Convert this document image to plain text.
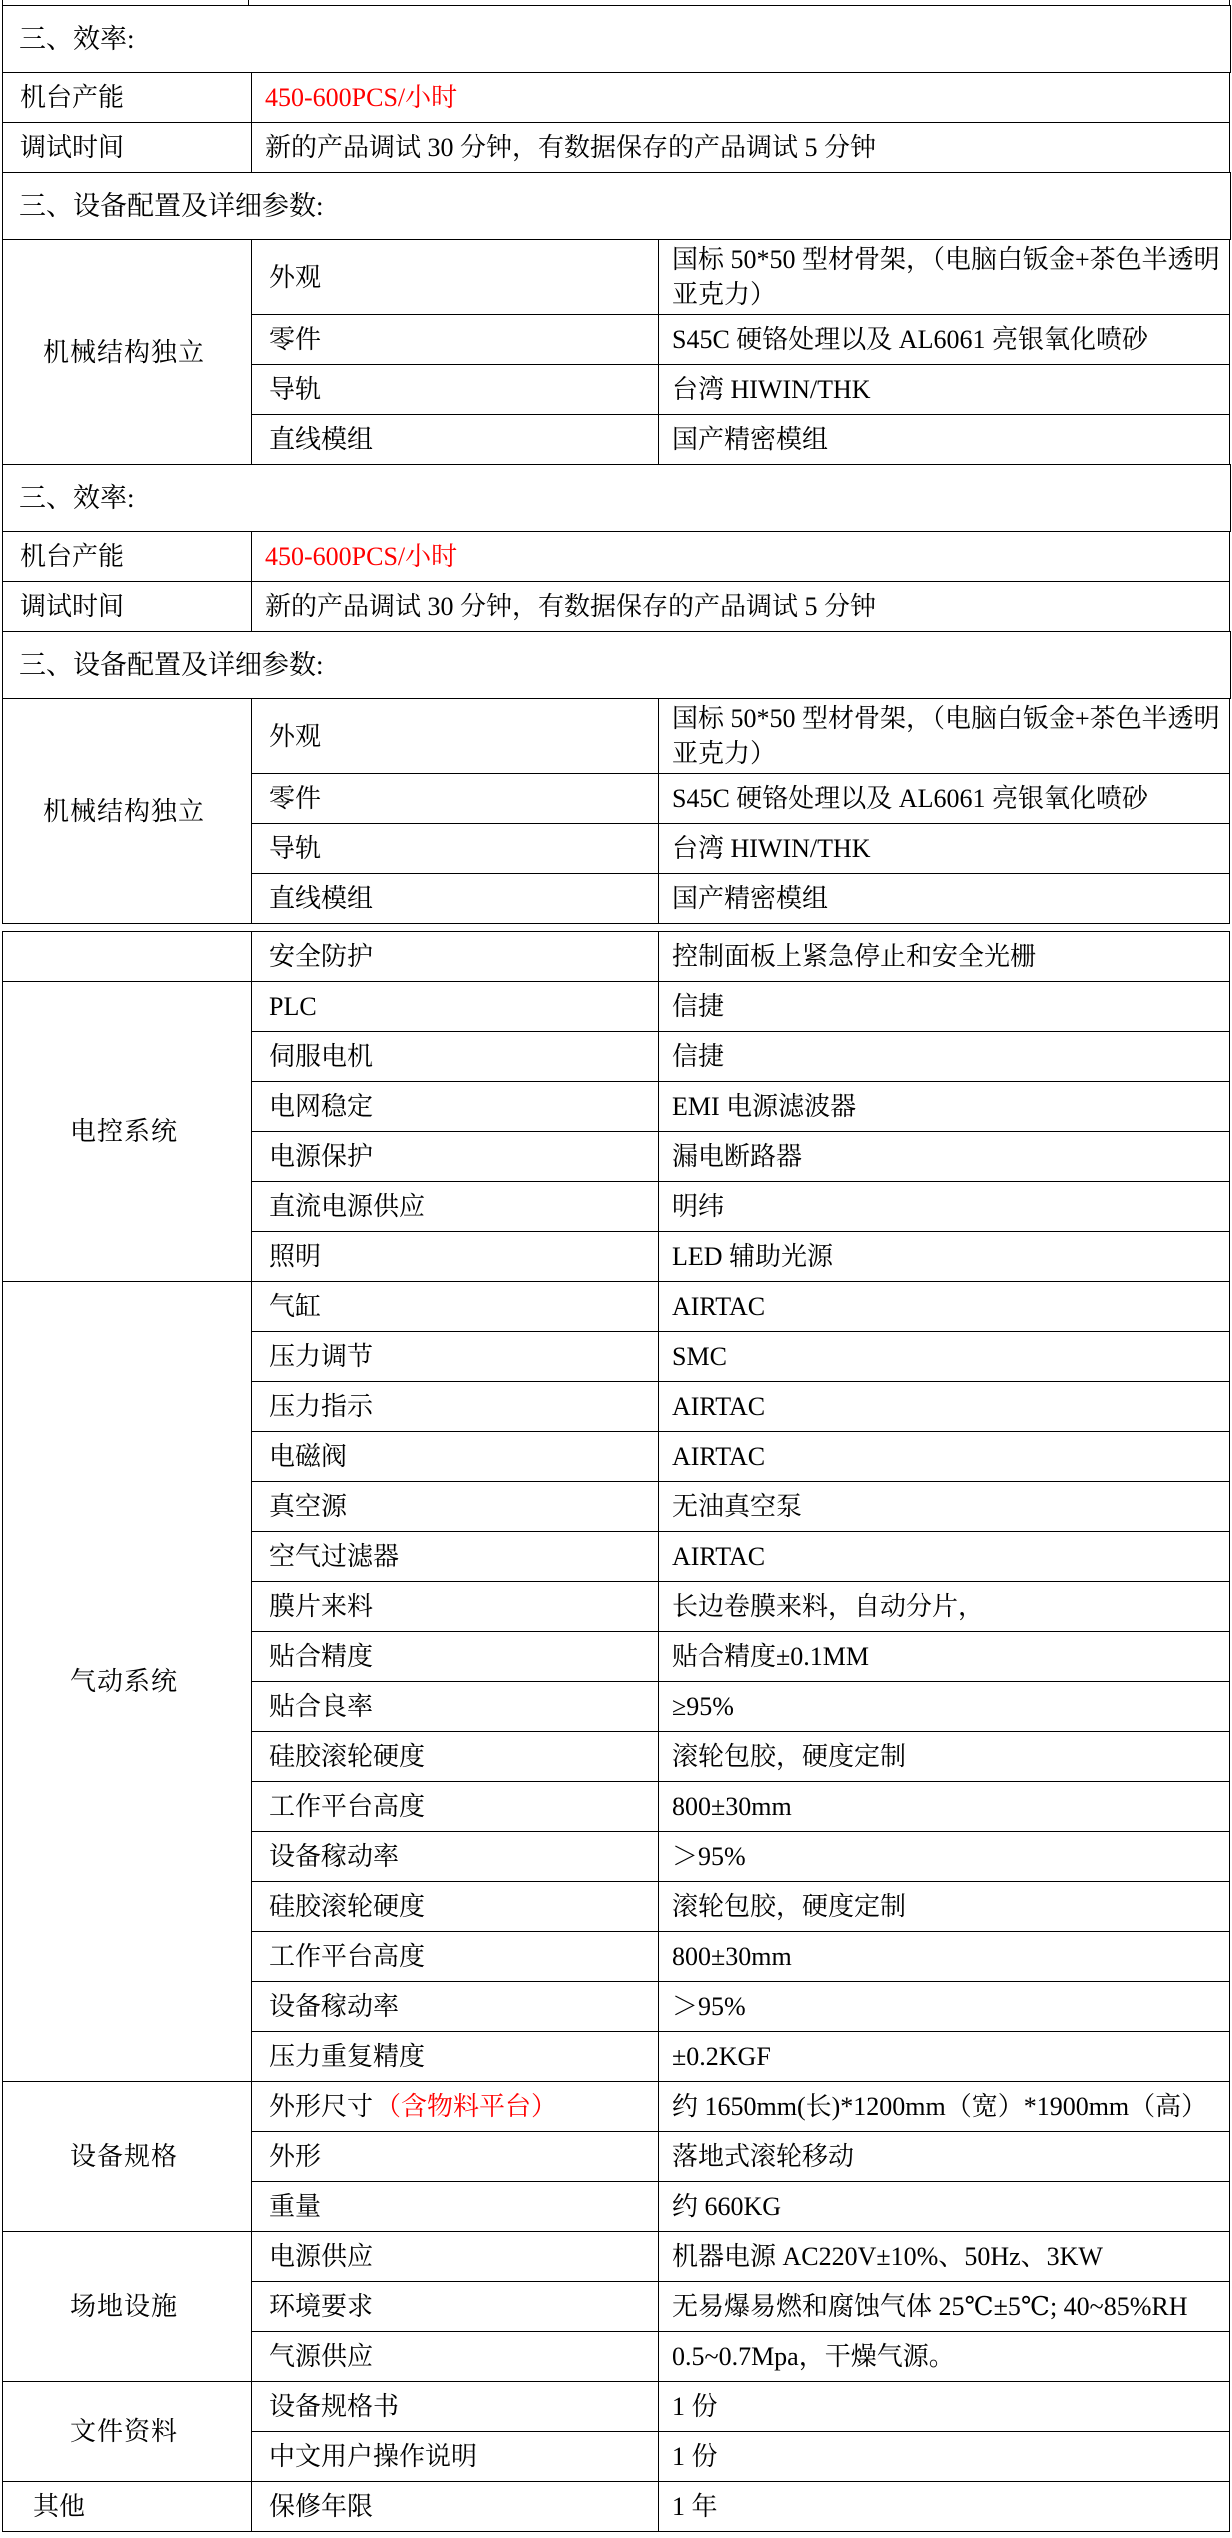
三、效率:
机台产能	450-600PCS/小时
调试时间	新的产品调试 30 分钟，有数据保存的产品调试 5 分钟
三、设备配置及详细参数:
机械结构独立	外观	国标 50*50 型材骨架，（电脑白钣金+茶色半透明亚克力）
	零件	S45C 硬铬处理以及 AL6061 亮银氧化喷砂
	导轨	台湾 HIWIN/THK
	直线模组	国产精密模组
三、效率:
机台产能	450-600PCS/小时
调试时间	新的产品调试 30 分钟，有数据保存的产品调试 5 分钟
三、设备配置及详细参数:
机械结构独立	外观	国标 50*50 型材骨架，（电脑白钣金+茶色半透明亚克力）
	零件	S45C 硬铬处理以及 AL6061 亮银氧化喷砂
	导轨	台湾 HIWIN/THK
	直线模组	国产精密模组
	安全防护	控制面板上紧急停止和安全光栅
电控系统	PLC	信捷
	伺服电机	信捷
	电网稳定	EMI 电源滤波器
	电源保护	漏电断路器
	直流电源供应	明纬
	照明	LED 辅助光源
气动系统	气缸	AIRTAC
	压力调节	SMC
	压力指示	AIRTAC
	电磁阀	AIRTAC
	真空源	无油真空泵
	空气过滤器	AIRTAC
	膜片来料	长边卷膜来料，自动分片，
	贴合精度	贴合精度±0.1MM
	贴合良率	≥95%
	硅胶滚轮硬度	滚轮包胶，硬度定制
	工作平台高度	800±30mm
	设备稼动率	＞95%
	硅胶滚轮硬度	滚轮包胶，硬度定制
	工作平台高度	800±30mm
	设备稼动率	＞95%
	压力重复精度	±0.2KGF
设备规格	外形尺寸（含物料平台）	约 1650mm(长)*1200mm（宽）*1900mm（高）
	外形	落地式滚轮移动
	重量	约 660KG
场地设施	电源供应	机器电源 AC220V±10%、50Hz、3KW
	环境要求	无易爆易燃和腐蚀气体 25℃±5℃; 40~85%RH
	气源供应	0.5~0.7Mpa，干燥气源。
文件资料	设备规格书	1 份
	中文用户操作说明	1 份
其他	保修年限	1 年
